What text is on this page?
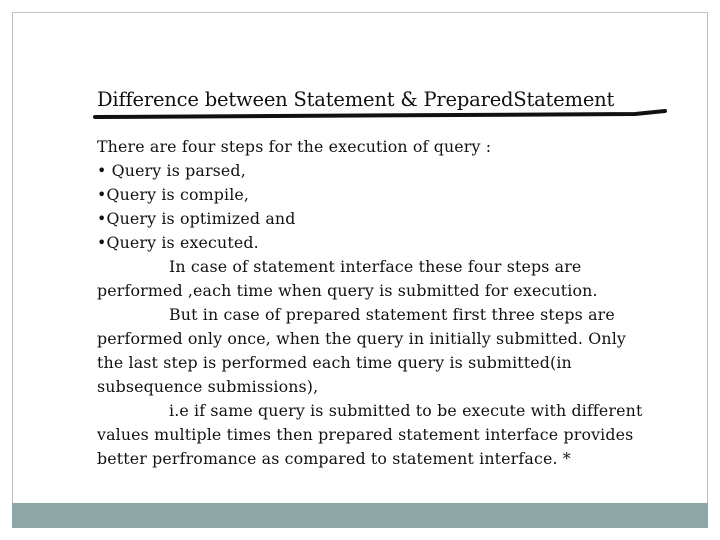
Difference between Statement & PreparedStatement
There are four steps for the execution of query :
• Query is parsed,
•Query is compile,
•Query is optimized and
•Query is executed.
In case of statement interface these four steps are
performed ,each time when query is submitted for execution.
But in case of prepared statement first three steps are
performed only once, when the query in initially submitted. Only
the last step is performed each time query is submitted(in
subsequence submissions),
i.e if same query is submitted to be execute with different
values multiple times then prepared statement interface provides
better perfromance as compared to statement interface. *
